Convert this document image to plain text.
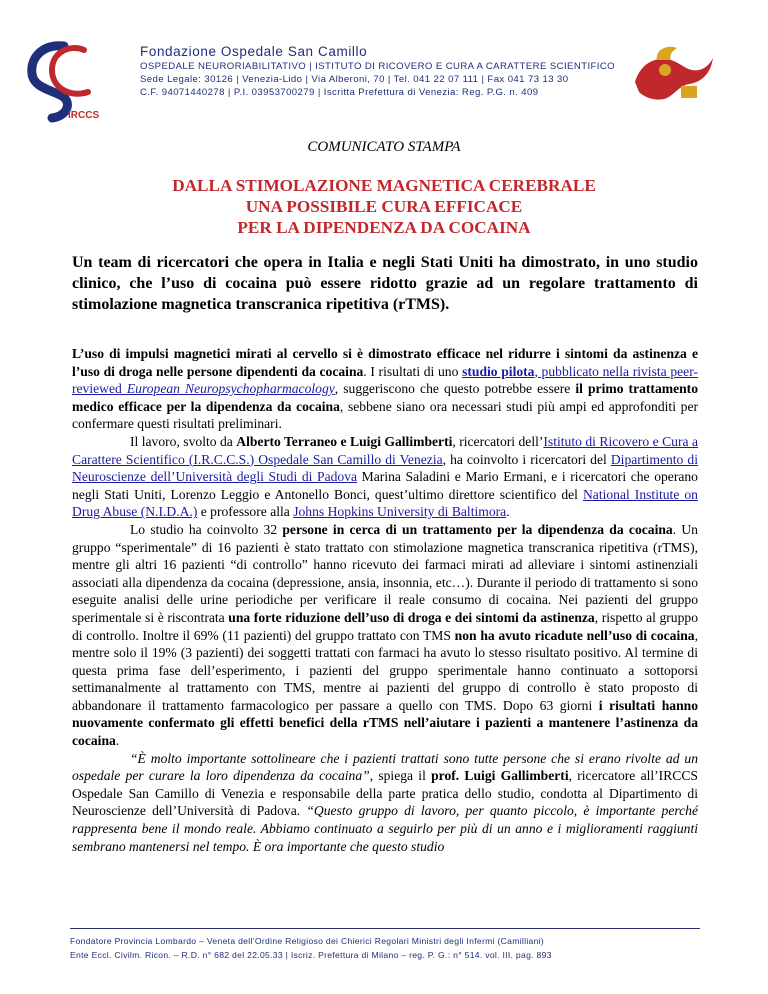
IRCCS
Fondazione Ospedale San Camillo
OSPEDALE NEURORIABILITATIVO | ISTITUTO DI RICOVERO E CURA A CARATTERE SCIENTIFICO
Sede Legale: 30126 | Venezia-Lido | Via Alberoni, 70 | Tel. 041 22 07 111 | Fax 041 73 13 30
C.F. 94071440278 | P.I. 03953700279 | Iscritta Prefettura di Venezia: Reg. P.G. n. 409
COMUNICATO STAMPA
DALLA STIMOLAZIONE MAGNETICA CEREBRALE
UNA POSSIBILE CURA EFFICACE
PER LA DIPENDENZA DA COCAINA
Un team di ricercatori che opera in Italia e negli Stati Uniti ha dimostrato, in uno studio clinico, che l’uso di cocaina può essere ridotto grazie ad un regolare trattamento di stimolazione magnetica transcranica ripetitiva (rTMS).

L’uso di impulsi magnetici mirati al cervello si è dimostrato efficace nel ridurre i sintomi da astinenza e l’uso di droga nelle persone dipendenti da cocaina. I risultati di uno studio pilota, pubblicato nella rivista peer-reviewed European Neuropsychopharmacology, suggeriscono che questo potrebbe essere il primo trattamento medico efficace per la dipendenza da cocaina, sebbene siano ora necessari studi più ampi ed approfonditi per confermare questi risultati preliminari.

Il lavoro, svolto da Alberto Terraneo e Luigi Gallimberti, ricercatori dell’Istituto di Ricovero e Cura a Carattere Scientifico (I.R.C.C.S.) Ospedale San Camillo di Venezia, ha coinvolto i ricercatori del Dipartimento di Neuroscienze dell’Università degli Studi di Padova Marina Saladini e Mario Ermani, e i ricercatori che operano negli Stati Uniti, Lorenzo Leggio e Antonello Bonci, quest’ultimo direttore scientifico del National Institute on Drug Abuse (N.I.D.A.) e professore alla Johns Hopkins University di Baltimora.

Lo studio ha coinvolto 32 persone in cerca di un trattamento per la dipendenza da cocaina. Un gruppo “sperimentale” di 16 pazienti è stato trattato con stimolazione magnetica transcranica ripetitiva (rTMS), mentre gli altri 16 pazienti “di controllo” hanno ricevuto dei farmaci mirati ad alleviare i sintomi astinenziali associati alla dipendenza da cocaina (depressione, ansia, insonnia, etc…). Durante il periodo di trattamento si sono eseguite analisi delle urine periodiche per verificare il reale consumo di cocaina. Nei pazienti del gruppo sperimentale si è riscontrata una forte riduzione dell’uso di droga e dei sintomi da astinenza, rispetto al gruppo di controllo. Inoltre il 69% (11 pazienti) del gruppo trattato con TMS non ha avuto ricadute nell’uso di cocaina, mentre solo il 19% (3 pazienti) dei soggetti trattati con farmaci ha avuto lo stesso risultato positivo. Al termine di questa prima fase dell’esperimento, i pazienti del gruppo sperimentale hanno continuato a sottoporsi settimanalmente al trattamento con TMS, mentre ai pazienti del gruppo di controllo è stato proposto di abbandonare il trattamento farmacologico per passare a quello con TMS. Dopo 63 giorni i risultati hanno nuovamente confermato gli effetti benefici della rTMS nell’aiutare i pazienti a mantenere l’astinenza da cocaina.

“È molto importante sottolineare che i pazienti trattati sono tutte persone che si erano rivolte ad un ospedale per curare la loro dipendenza da cocaina”, spiega il prof. Luigi Gallimberti, ricercatore all’IRCCS Ospedale San Camillo di Venezia e responsabile della parte pratica dello studio, condotta al Dipartimento di Neuroscienze dell’Università di Padova. “Questo gruppo di lavoro, per quanto piccolo, è importante perché rappresenta bene il mondo reale. Abbiamo continuato a seguirlo per più di un anno e i miglioramenti raggiunti sembrano mantenersi nel tempo. È ora importante che questo studio

Fondatore Provincia Lombardo – Veneta dell’Ordine Religioso dei Chierici Regolari Ministri degli Infermi (Camilliani)
Ente Eccl. Civilm. Ricon. – R.D. n° 682 del 22.05.33 | Iscriz. Prefettura di Milano – reg. P. G.: n° 514. vol. III. pag. 893
